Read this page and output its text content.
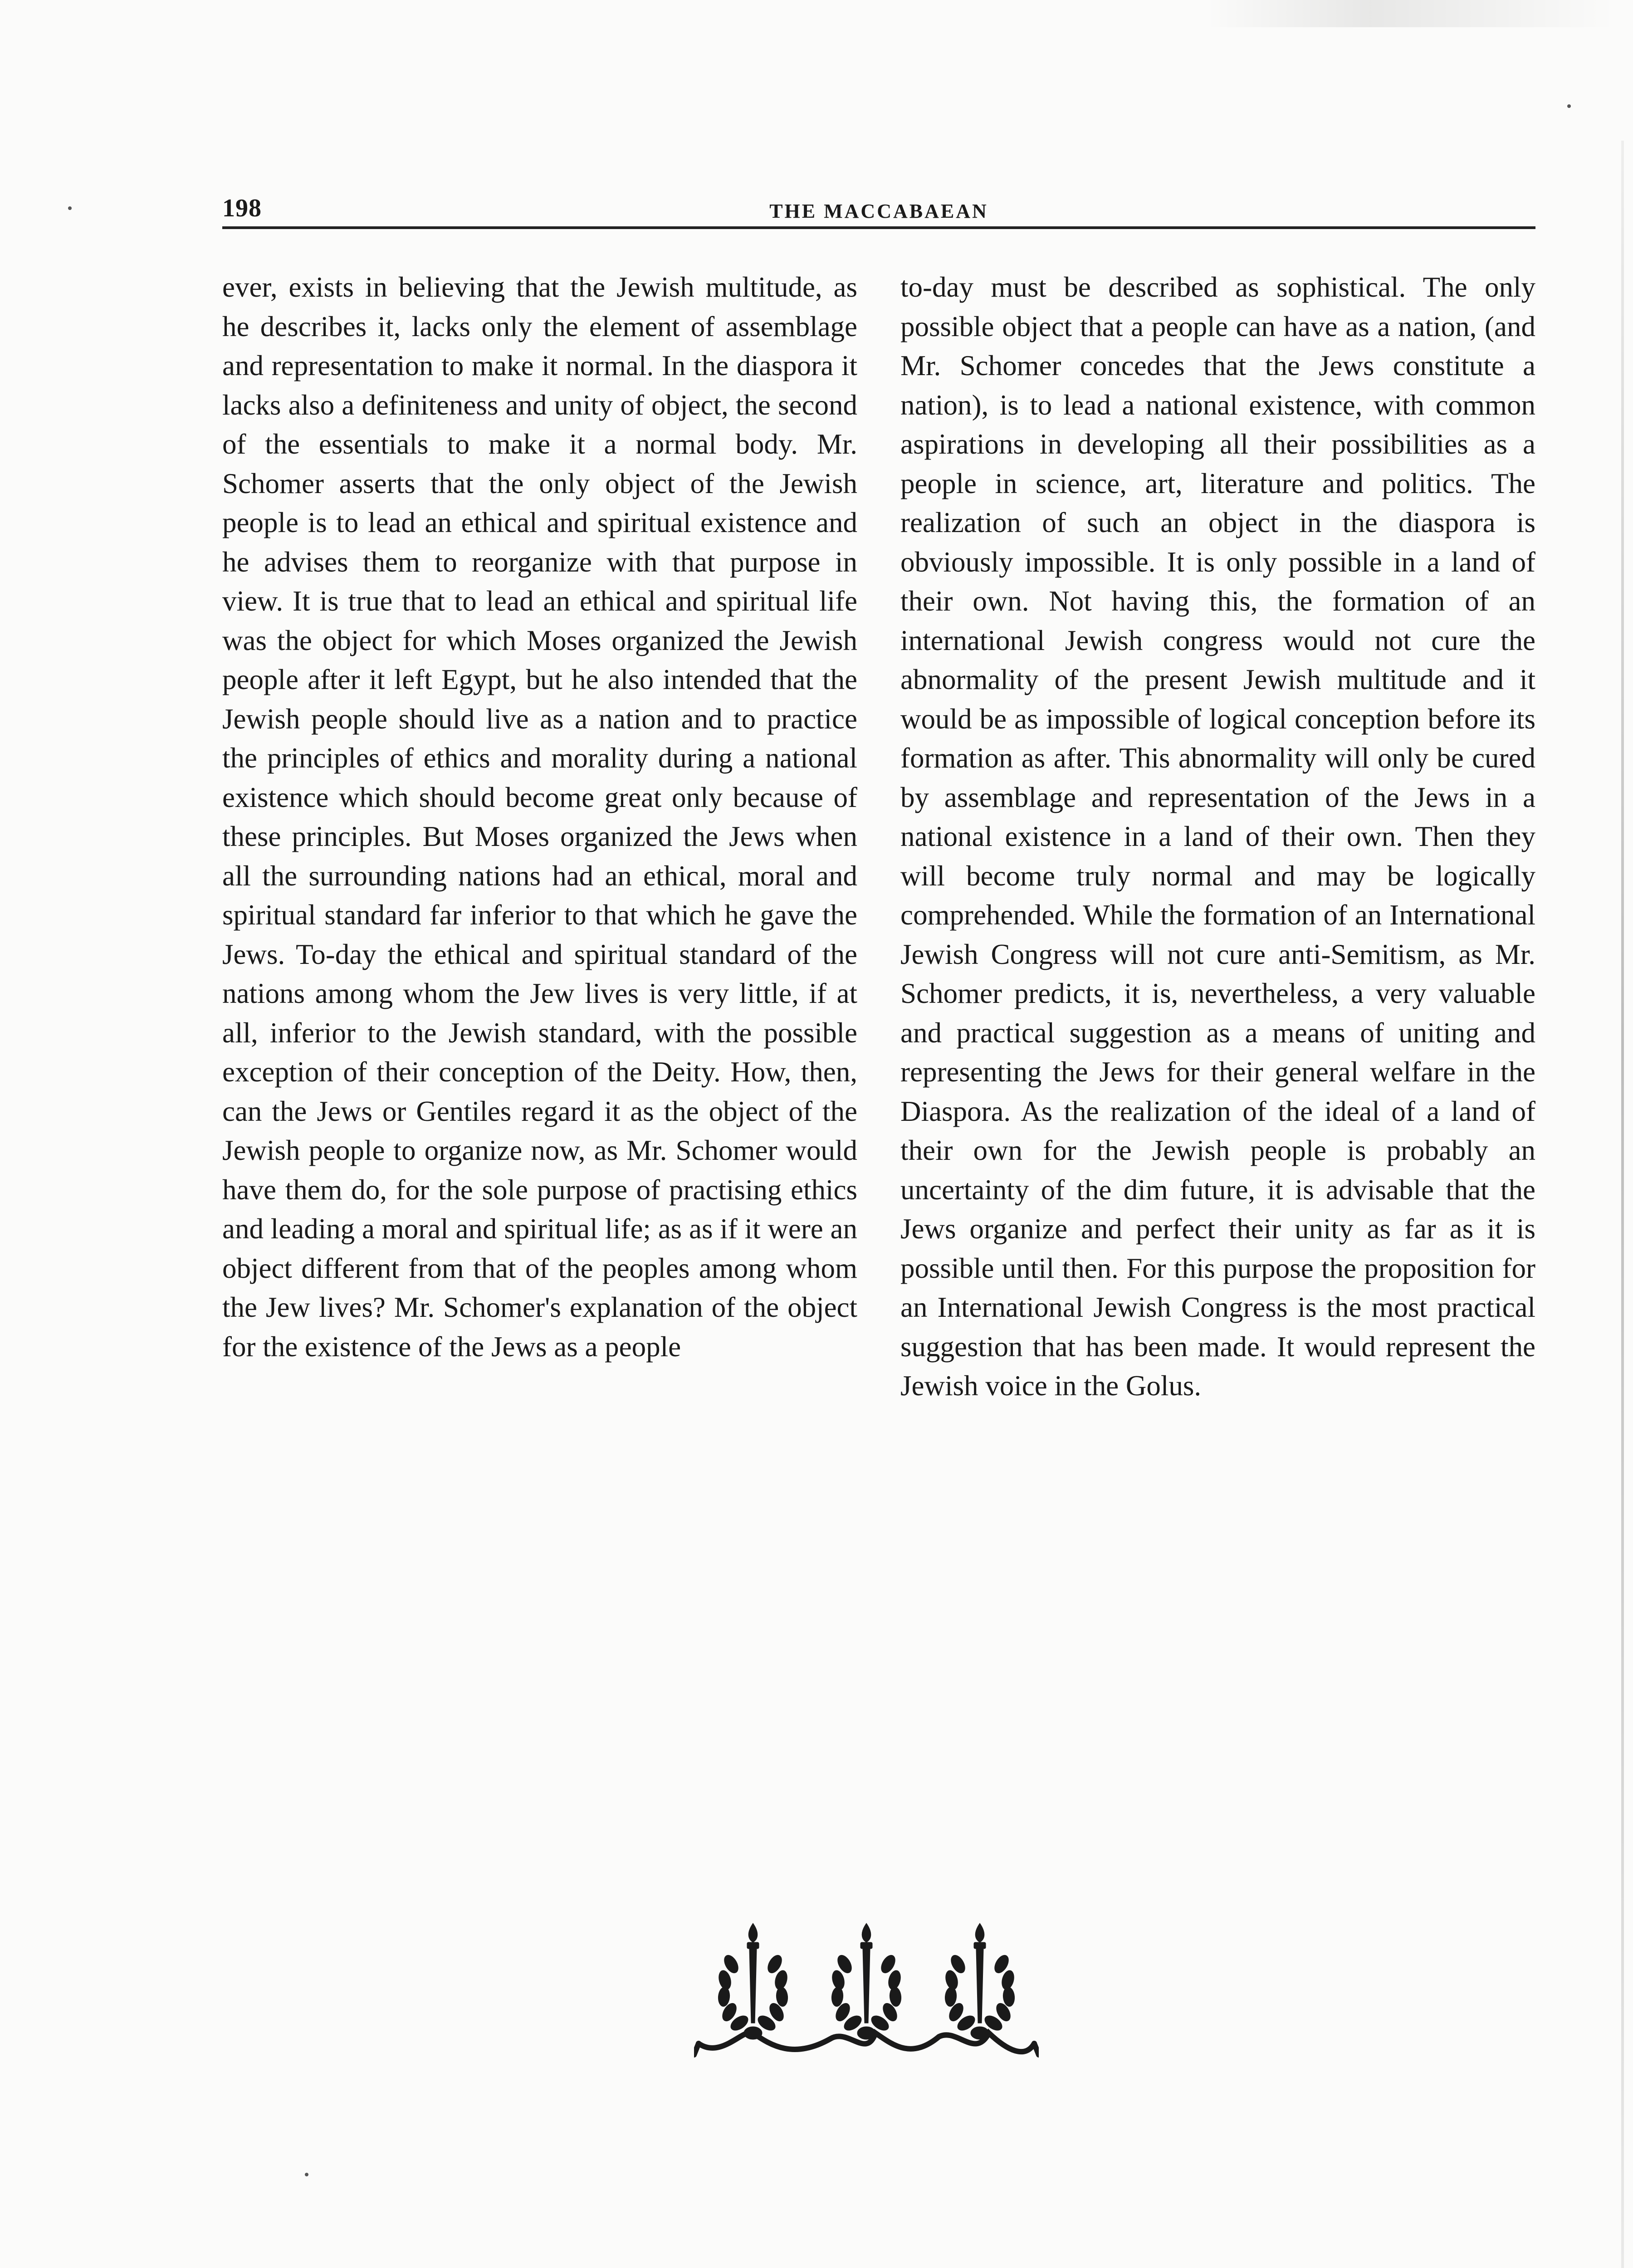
198	THE MACCABAEAN

ever, exists in believing that the Jewish multitude, as he describes it, lacks only the element of assemblage and representation to make it normal. In the diaspora it lacks also a definiteness and unity of object, the second of the essentials to make it a normal body. Mr. Schomer asserts that the only object of the Jewish people is to lead an ethical and spiritual existence and he advises them to reorganize with that purpose in view. It is true that to lead an ethical and spiritual life was the object for which Moses organized the Jewish people after it left Egypt, but he also intended that the Jewish people should live as a nation and to practice the principles of ethics and morality during a national existence which should become great only because of these principles. But Moses organized the Jews when all the surrounding nations had an ethical, moral and spiritual standard far inferior to that which he gave the Jews. To-day the ethical and spiritual standard of the nations among whom the Jew lives is very little, if at all, inferior to the Jewish standard, with the possible exception of their conception of the Deity. How, then, can the Jews or Gentiles regard it as the object of the Jewish people to organize now, as Mr. Schomer would have them do, for the sole purpose of practising ethics and leading a moral and spiritual life; as as if it were an object different from that of the peoples among whom the Jew lives? Mr. Schomer's explanation of the object for the existence of the Jews as a people

to-day must be described as sophistical. The only possible object that a people can have as a nation, (and Mr. Schomer concedes that the Jews constitute a nation), is to lead a national existence, with common aspirations in developing all their possibilities as a people in science, art, literature and politics. The realization of such an object in the diaspora is obviously impossible. It is only possible in a land of their own. Not having this, the formation of an international Jewish congress would not cure the abnormality of the present Jewish multitude and it would be as impossible of logical conception before its formation as after. This abnormality will only be cured by assemblage and representation of the Jews in a national existence in a land of their own. Then they will become truly normal and may be logically comprehended. While the formation of an International Jewish Congress will not cure anti-Semitism, as Mr. Schomer predicts, it is, nevertheless, a very valuable and practical suggestion as a means of uniting and representing the Jews for their general welfare in the Diaspora. As the realization of the ideal of a land of their own for the Jewish people is probably an uncertainty of the dim future, it is advisable that the Jews organize and perfect their unity as far as it is possible until then. For this purpose the proposition for an International Jewish Congress is the most practical suggestion that has been made. It would represent the Jewish voice in the Golus.
